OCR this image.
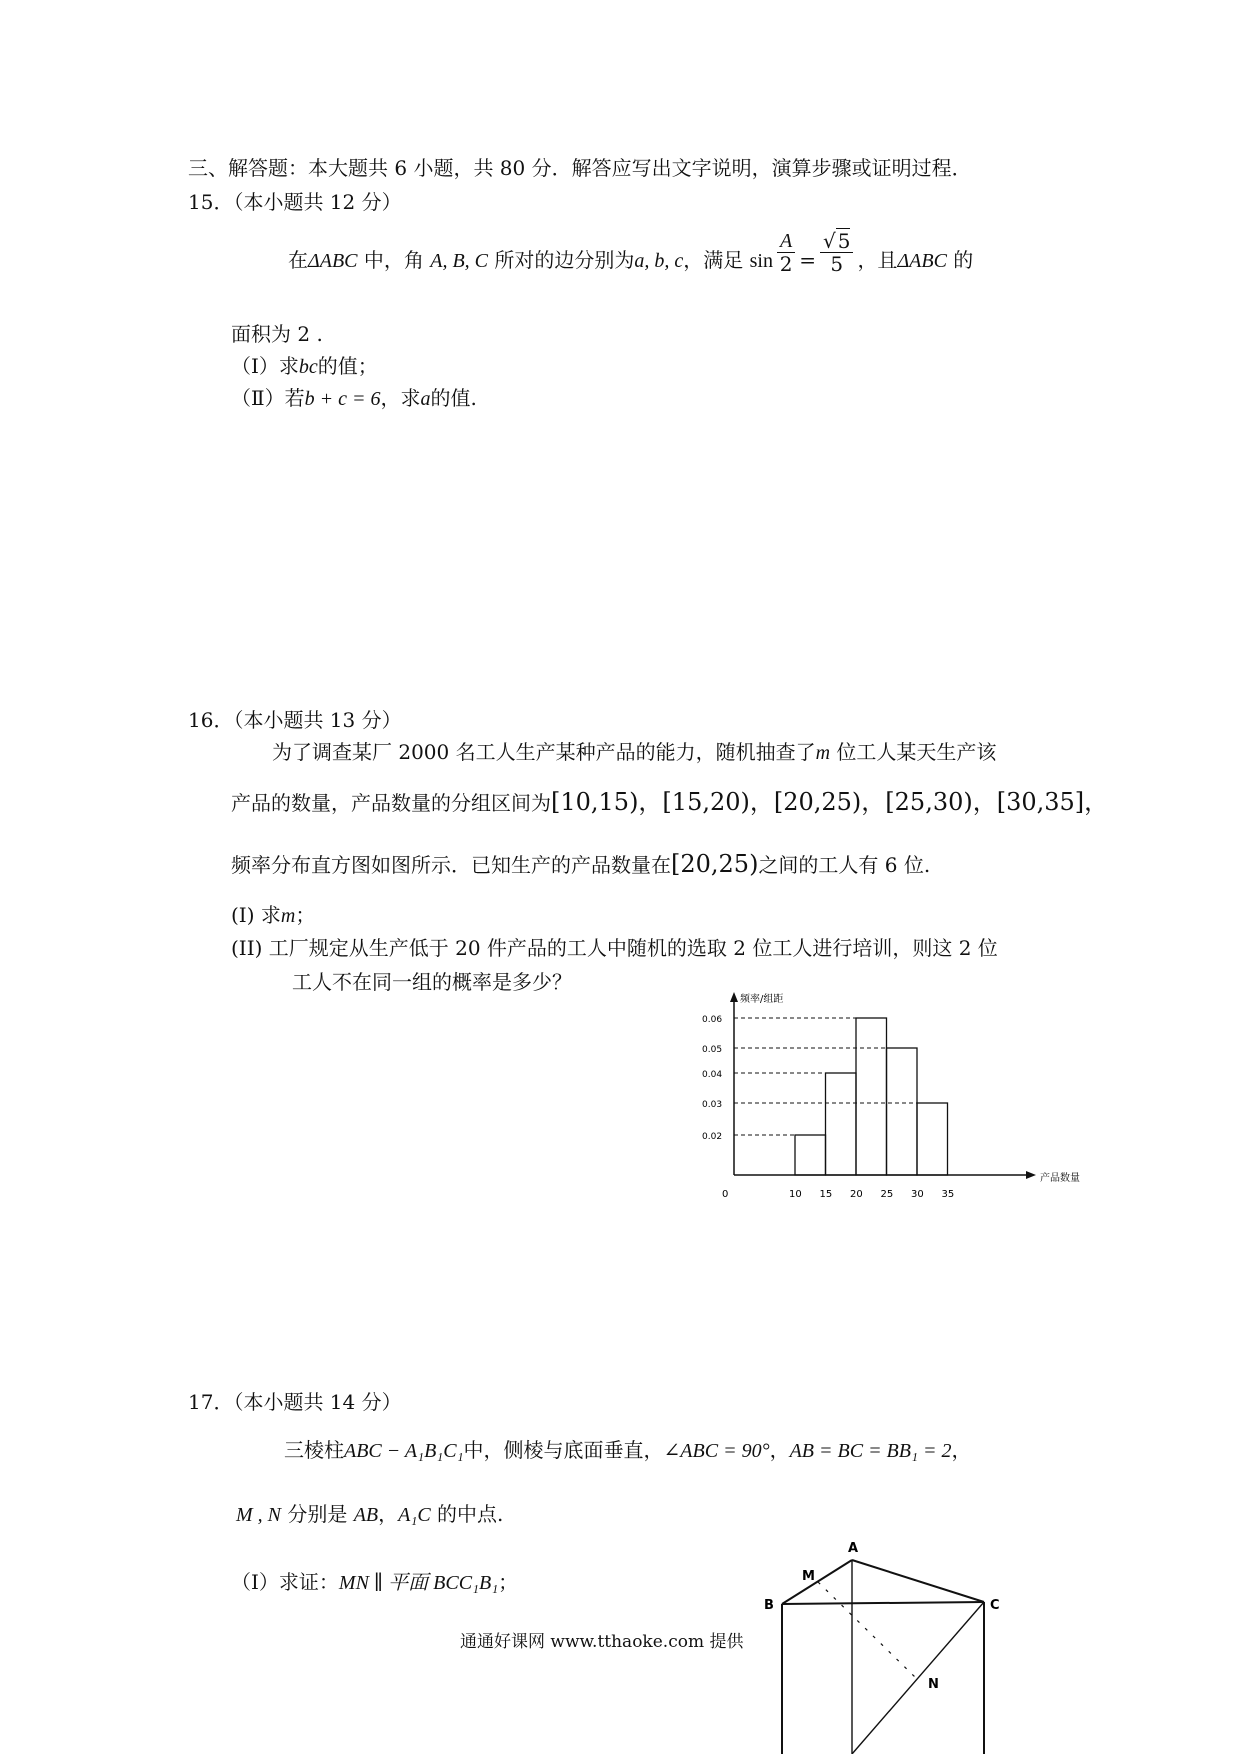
三、解答题：本大题共 6 小题，共 80 分．解答应写出文字说明，演算步骤或证明过程．
15．（本小题共 12 分）
在ΔABC 中，角 A, B, C 所对的边分别为a, b, c，满足 $\sin \frac{A}{2} = \frac{√ 5}{5}$ ，且ΔABC 的
面积为 2 .
（Ⅰ）求bc的值；
（Ⅱ）若b + c = 6，求a的值.
16．（本小题共 13 分）
为了调查某厂 2000 名工人生产某种产品的能力，随机抽查了m 位工人某天生产该
产品的数量，产品数量的分组区间为[10,15)，[15,20)，[20,25)，[25,30)，[30,35]，
频率分布直方图如图所示．已知生产的产品数量在[20,25)之间的工人有 6 位.
(I) 求m；
(II) 工厂规定从生产低于 20 件产品的工人中随机的选取 2 位工人进行培训，则这 2 位
工人不在同一组的概率是多少？
0.06
0.05
0.04
0.03
0.02
0	10 15 20 25 30 35
频率/组距
产品数量
17．（本小题共 14 分）
三棱柱ABC − A₁B₁C₁中，侧棱与底面垂直，∠ABC = 90°，AB = BC = BB₁ = 2，
M , N 分别是 AB，A₁C 的中点.
（Ⅰ）求证：MN ∥ 平面 BCC₁B₁；
A
B	C
M
N
通通好课网 www.tthaoke.com 提供
